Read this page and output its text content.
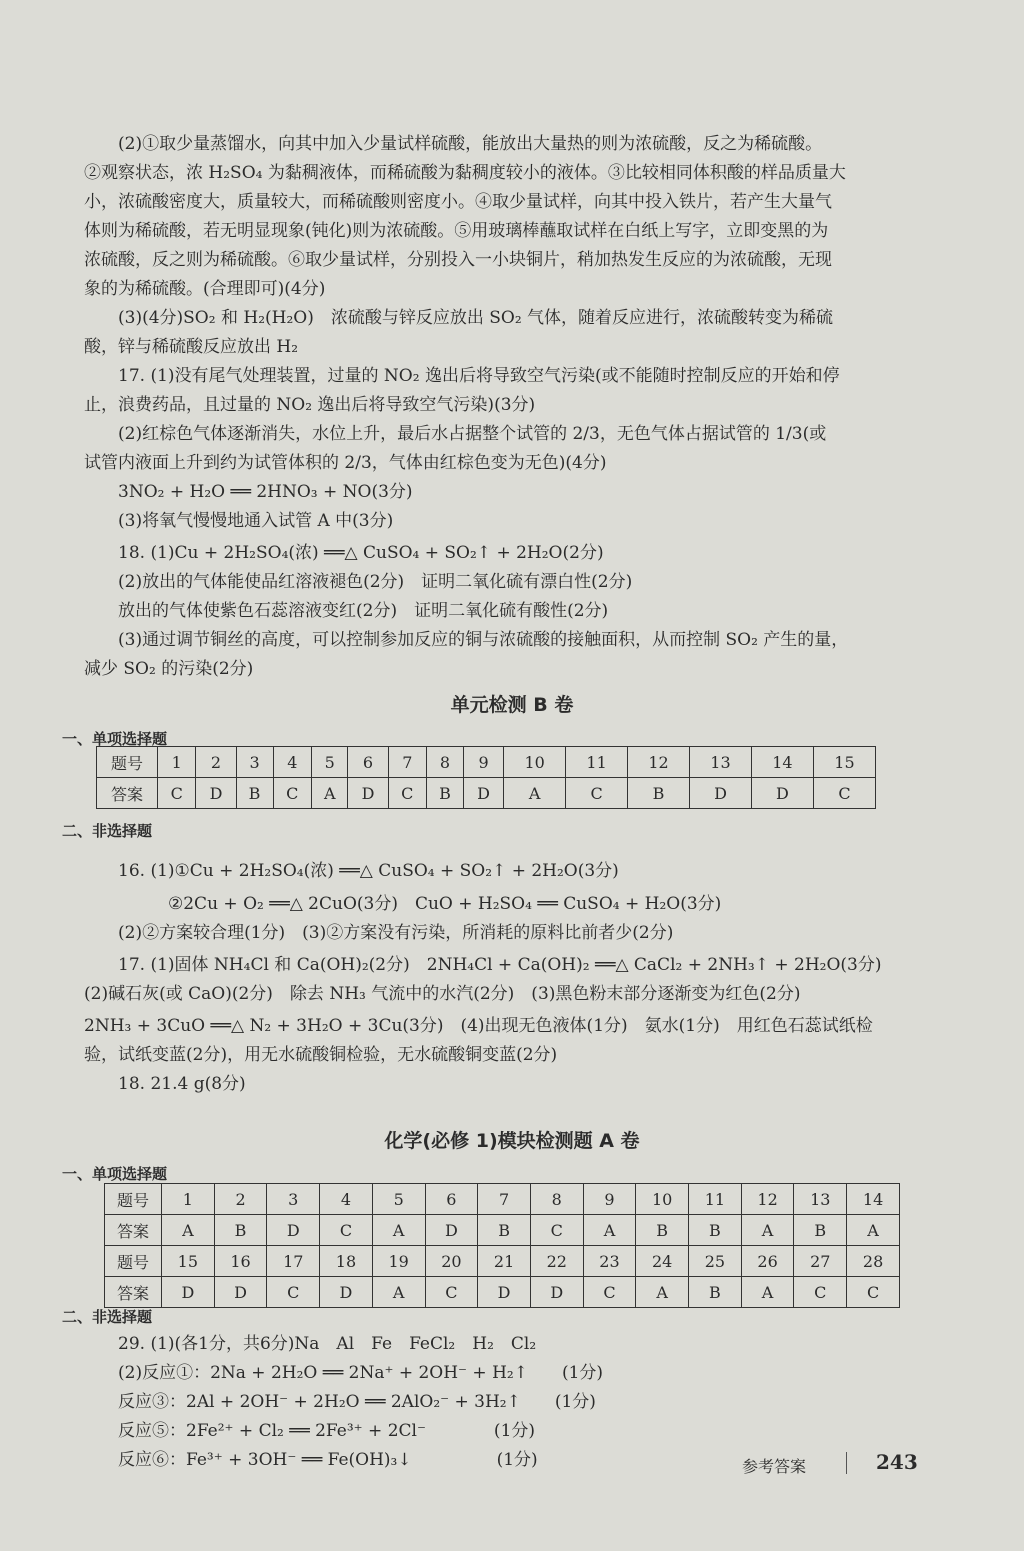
(2)①取少量蒸馏水，向其中加入少量试样硫酸，能放出大量热的则为浓硫酸，反之为稀硫酸。
②观察状态，浓 H₂SO₄ 为黏稠液体，而稀硫酸为黏稠度较小的液体。③比较相同体积酸的样品质量大
小，浓硫酸密度大，质量较大，而稀硫酸则密度小。④取少量试样，向其中投入铁片，若产生大量气
体则为稀硫酸，若无明显现象(钝化)则为浓硫酸。⑤用玻璃棒蘸取试样在白纸上写字，立即变黑的为
浓硫酸，反之则为稀硫酸。⑥取少量试样，分别投入一小块铜片，稍加热发生反应的为浓硫酸，无现
象的为稀硫酸。(合理即可)(4分)
(3)(4分)SO₂ 和 H₂(H₂O)　浓硫酸与锌反应放出 SO₂ 气体，随着反应进行，浓硫酸转变为稀硫
酸，锌与稀硫酸反应放出 H₂
17. (1)没有尾气处理装置，过量的 NO₂ 逸出后将导致空气污染(或不能随时控制反应的开始和停
止，浪费药品，且过量的 NO₂ 逸出后将导致空气污染)(3分)
(2)红棕色气体逐渐消失，水位上升，最后水占据整个试管的 2/3，无色气体占据试管的 1/3(或
试管内液面上升到约为试管体积的 2/3，气体由红棕色变为无色)(4分)
3NO₂ + H₂O ══ 2HNO₃ + NO(3分)
(3)将氧气慢慢地通入试管 A 中(3分)
18. (1)Cu + 2H₂SO₄(浓) ══△ CuSO₄ + SO₂↑ + 2H₂O(2分)
(2)放出的气体能使品红溶液褪色(2分)　证明二氧化硫有漂白性(2分)
放出的气体使紫色石蕊溶液变红(2分)　证明二氧化硫有酸性(2分)
(3)通过调节铜丝的高度，可以控制参加反应的铜与浓硫酸的接触面积，从而控制 SO₂ 产生的量，
减少 SO₂ 的污染(2分)
单元检测 B 卷
一、单项选择题
题号	1	2	3	4	5	6	7	8	9	10	11	12	13	14	15
答案	C	D	B	C	A	D	C	B	D	A	C	B	D	D	C
二、非选择题
16. (1)①Cu + 2H₂SO₄(浓) ══△ CuSO₄ + SO₂↑ + 2H₂O(3分)
②2Cu + O₂ ══△ 2CuO(3分)　CuO + H₂SO₄ ══ CuSO₄ + H₂O(3分)
(2)②方案较合理(1分)　(3)②方案没有污染，所消耗的原料比前者少(2分)
17. (1)固体 NH₄Cl 和 Ca(OH)₂(2分)　2NH₄Cl + Ca(OH)₂ ══△ CaCl₂ + 2NH₃↑ + 2H₂O(3分)
(2)碱石灰(或 CaO)(2分)　除去 NH₃ 气流中的水汽(2分)　(3)黑色粉末部分逐渐变为红色(2分)
2NH₃ + 3CuO ══△ N₂ + 3H₂O + 3Cu(3分)　(4)出现无色液体(1分)　氨水(1分)　用红色石蕊试纸检
验，试纸变蓝(2分)，用无水硫酸铜检验，无水硫酸铜变蓝(2分)
18. 21.4 g(8分)
化学(必修 1)模块检测题 A 卷
一、单项选择题
题号	1	2	3	4	5	6	7	8	9	10	11	12	13	14
答案	A	B	D	C	A	D	B	C	A	B	B	A	B	A
题号	15	16	17	18	19	20	21	22	23	24	25	26	27	28
答案	D	D	C	D	A	C	D	D	C	A	B	A	C	C
二、非选择题
29. (1)(各1分，共6分)Na　Al　Fe　FeCl₂　H₂　Cl₂
(2)反应①：2Na + 2H₂O ══ 2Na⁺ + 2OH⁻ + H₂↑　　(1分)
反应③：2Al + 2OH⁻ + 2H₂O ══ 2AlO₂⁻ + 3H₂↑　　(1分)
反应⑤：2Fe²⁺ + Cl₂ ══ 2Fe³⁺ + 2Cl⁻　　　　(1分)
反应⑥：Fe³⁺ + 3OH⁻ ══ Fe(OH)₃↓　　　　　(1分)	参考答案	243
